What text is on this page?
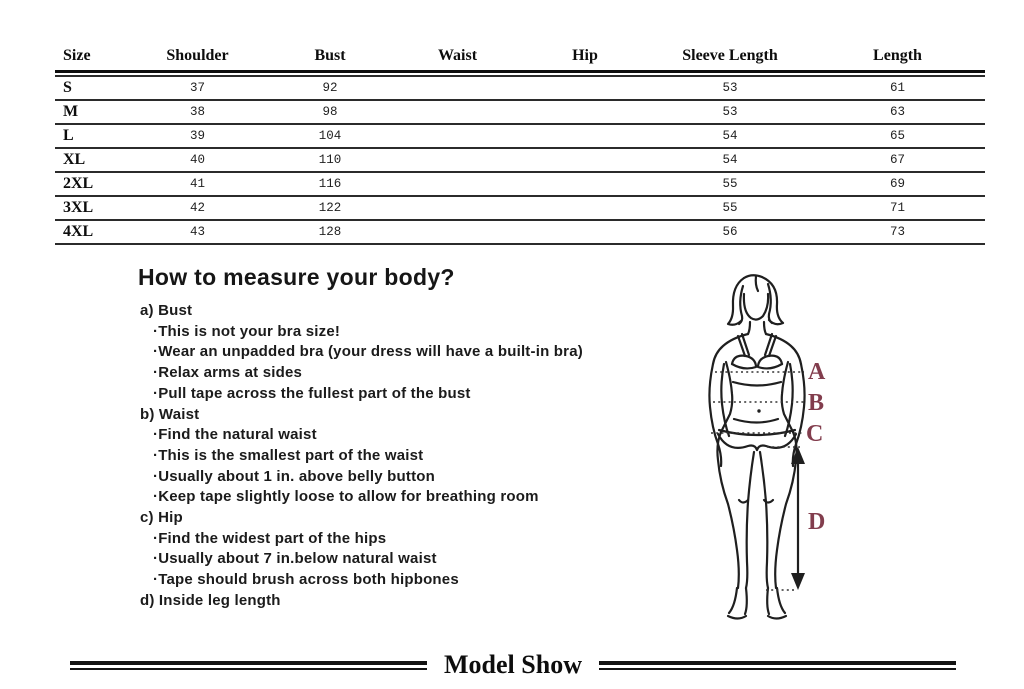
Size	Shoulder	Bust	Waist	Hip	Sleeve Length	Length

S	37	92			53	61
M	38	98			53	63
L	39	104			54	65
XL	40	110			54	67
2XL	41	116			55	69
3XL	42	122			55	71
4XL	43	128			56	73
How to measure your body?
a) Bust
·This is not your bra size!
·Wear an unpadded bra (your dress will have a built-in bra)
·Relax arms at sides
·Pull tape across the fullest part of the bust
b) Waist
·Find the natural waist
·This is the smallest part of the waist
·Usually about 1 in. above belly button
·Keep tape slightly loose to allow for breathing room
c) Hip
·Find the widest part of the hips
·Usually about 7 in.below natural waist
·Tape should brush across both hipbones
d) Inside leg length
A
B
C
D
Model Show
